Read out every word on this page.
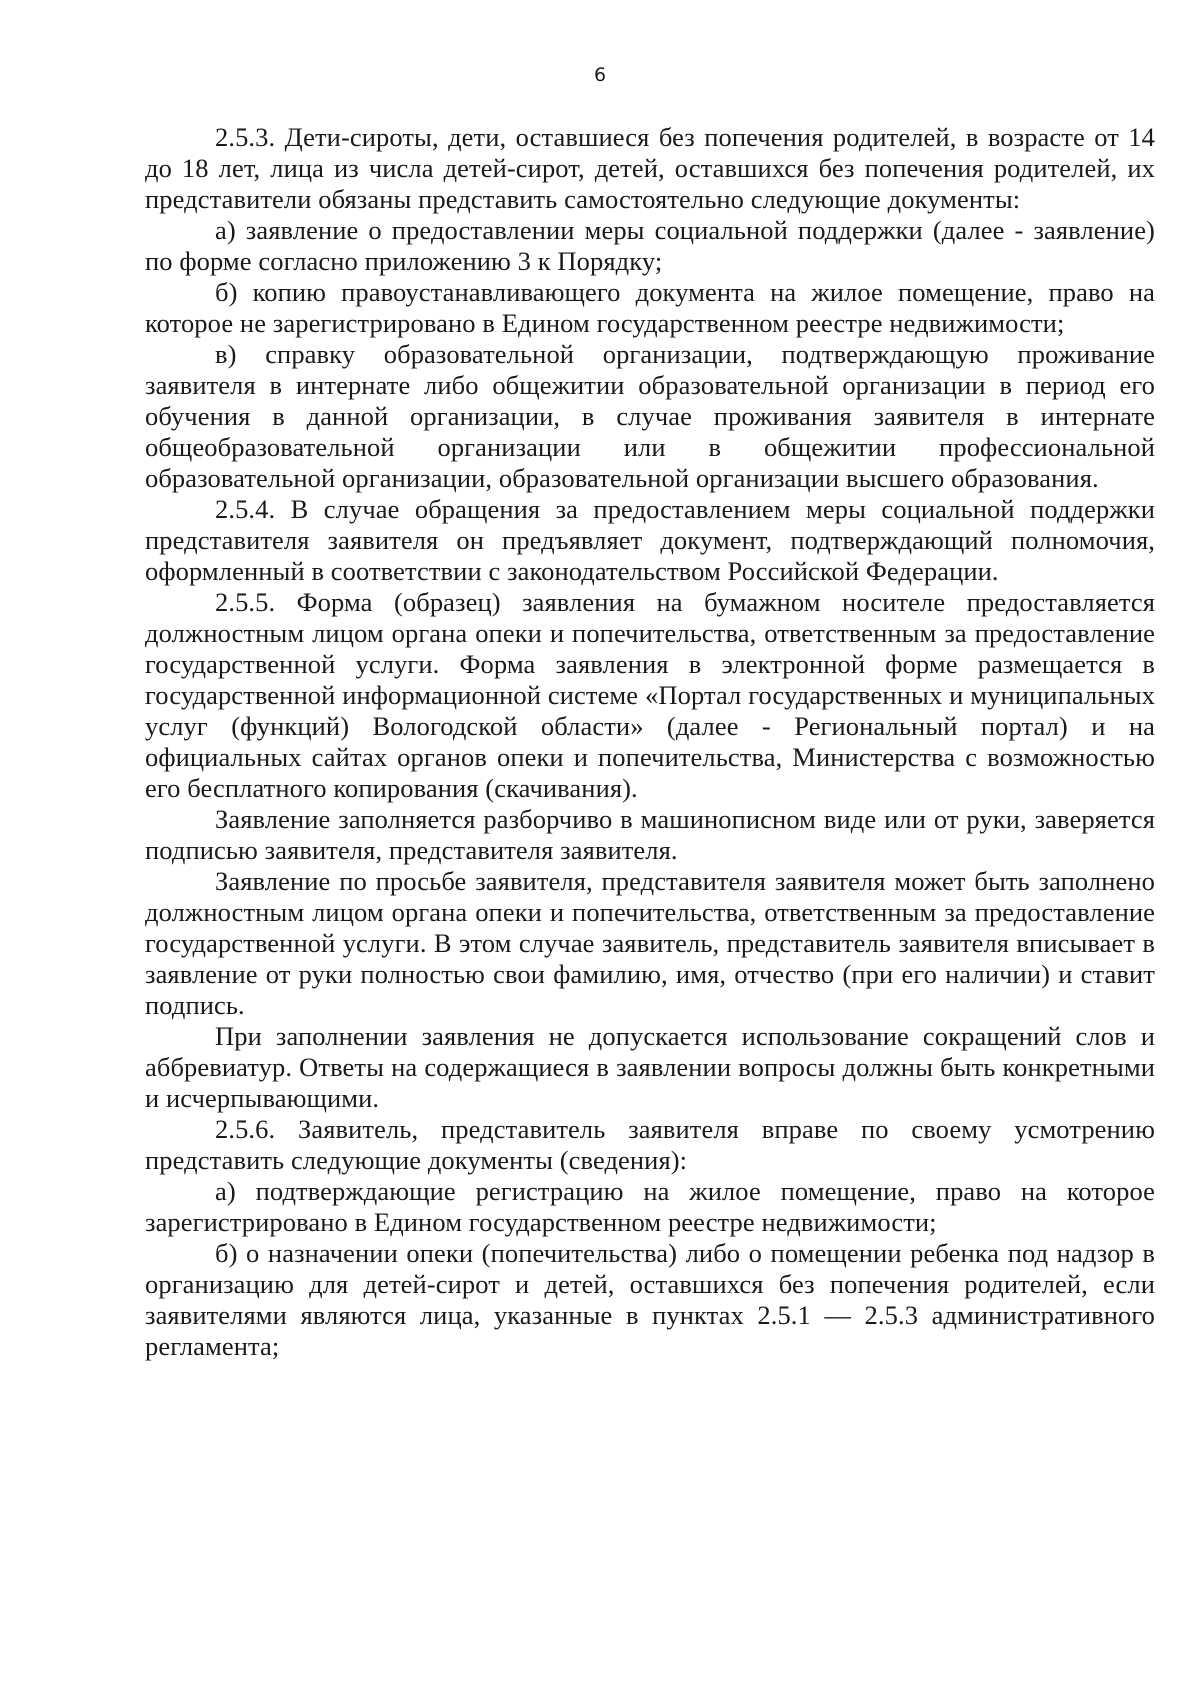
6

2.5.3. Дети-сироты, дети, оставшиеся без попечения родителей, в возрасте от 14 до 18 лет, лица из числа детей-сирот, детей, оставшихся без попечения родителей, их представители обязаны представить самостоятельно следующие документы:

а) заявление о предоставлении меры социальной поддержки (далее - заявление) по форме согласно приложению 3 к Порядку;

б) копию правоустанавливающего документа на жилое помещение, право на которое не зарегистрировано в Едином государственном реестре недвижимости;

в) справку образовательной организации, подтверждающую проживание заявителя в интернате либо общежитии образовательной организации в период его обучения в данной организации, в случае проживания заявителя в интернате общеобразовательной организации или в общежитии профессиональной образовательной организации, образовательной организации высшего образования.

2.5.4. В случае обращения за предоставлением меры социальной поддержки представителя заявителя он предъявляет документ, подтверждающий полномочия, оформленный в соответствии с законодательством Российской Федерации.

2.5.5. Форма (образец) заявления на бумажном носителе предоставляется должностным лицом органа опеки и попечительства, ответственным за предоставление государственной услуги. Форма заявления в электронной форме размещается в государственной информационной системе «Портал государственных и муниципальных услуг (функций) Вологодской области» (далее - Региональный портал) и на официальных сайтах органов опеки и попечительства, Министерства с возможностью его бесплатного копирования (скачивания).

Заявление заполняется разборчиво в машинописном виде или от руки, заверяется подписью заявителя, представителя заявителя.

Заявление по просьбе заявителя, представителя заявителя может быть заполнено должностным лицом органа опеки и попечительства, ответственным за предоставление государственной услуги. В этом случае заявитель, представитель заявителя вписывает в заявление от руки полностью свои фамилию, имя, отчество (при его наличии) и ставит подпись.

При заполнении заявления не допускается использование сокращений слов и аббревиатур. Ответы на содержащиеся в заявлении вопросы должны быть конкретными и исчерпывающими.

2.5.6. Заявитель, представитель заявителя вправе по своему усмотрению представить следующие документы (сведения):

а) подтверждающие регистрацию на жилое помещение, право на которое зарегистрировано в Едином государственном реестре недвижимости;

б) о назначении опеки (попечительства) либо о помещении ребенка под надзор в организацию для детей-сирот и детей, оставшихся без попечения родителей, если заявителями являются лица, указанные в пунктах 2.5.1 — 2.5.3 административного регламента;
